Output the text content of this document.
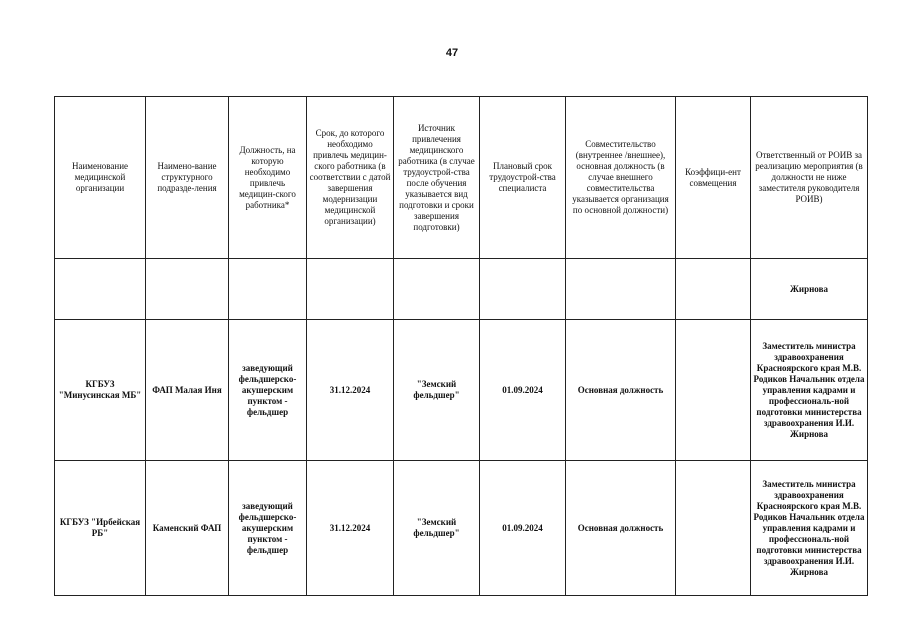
47
Наименование медицинской организации	Наимено-вание структурного подразде-ления	Должность, на которую необходимо привлечь медицин-ского работника*	Срок, до которого необходимо привлечь медицин-ского работника (в соответствии с датой завершения модернизации медицинской организации)	Источник привлечения медицинского работника (в случае трудоустрой-ства после обучения указывается вид подготовки и сроки завершения подготовки)	Плановый срок трудоустрой-ства специалиста	Совместительство (внутреннее /внешнее), основная должность (в случае внешнего совместительства указывается организация по основной должности)	Коэффици-ент совмещения	Ответственный от РОИВ за реализацию мероприятия (в должности не ниже заместителя руководителя РОИВ)
								Жирнова
КГБУЗ "Минусинская МБ"	ФАП Малая Иня	заведующий фельдшерско-акушерским пунктом - фельдшер	31.12.2024	"Земский фельдшер"	01.09.2024	Основная должность		Заместитель министра здравоохранения Красноярского края М.В. Родиков Начальник отдела управления кадрами и профессиональ-ной подготовки министерства здравоохранения И.И. Жирнова
КГБУЗ "Ирбейская РБ"	Каменский ФАП	заведующий фельдшерско-акушерским пунктом - фельдшер	31.12.2024	"Земский фельдшер"	01.09.2024	Основная должность		Заместитель министра здравоохранения Красноярского края М.В. Родиков Начальник отдела управления кадрами и профессиональ-ной подготовки министерства здравоохранения И.И. Жирнова
